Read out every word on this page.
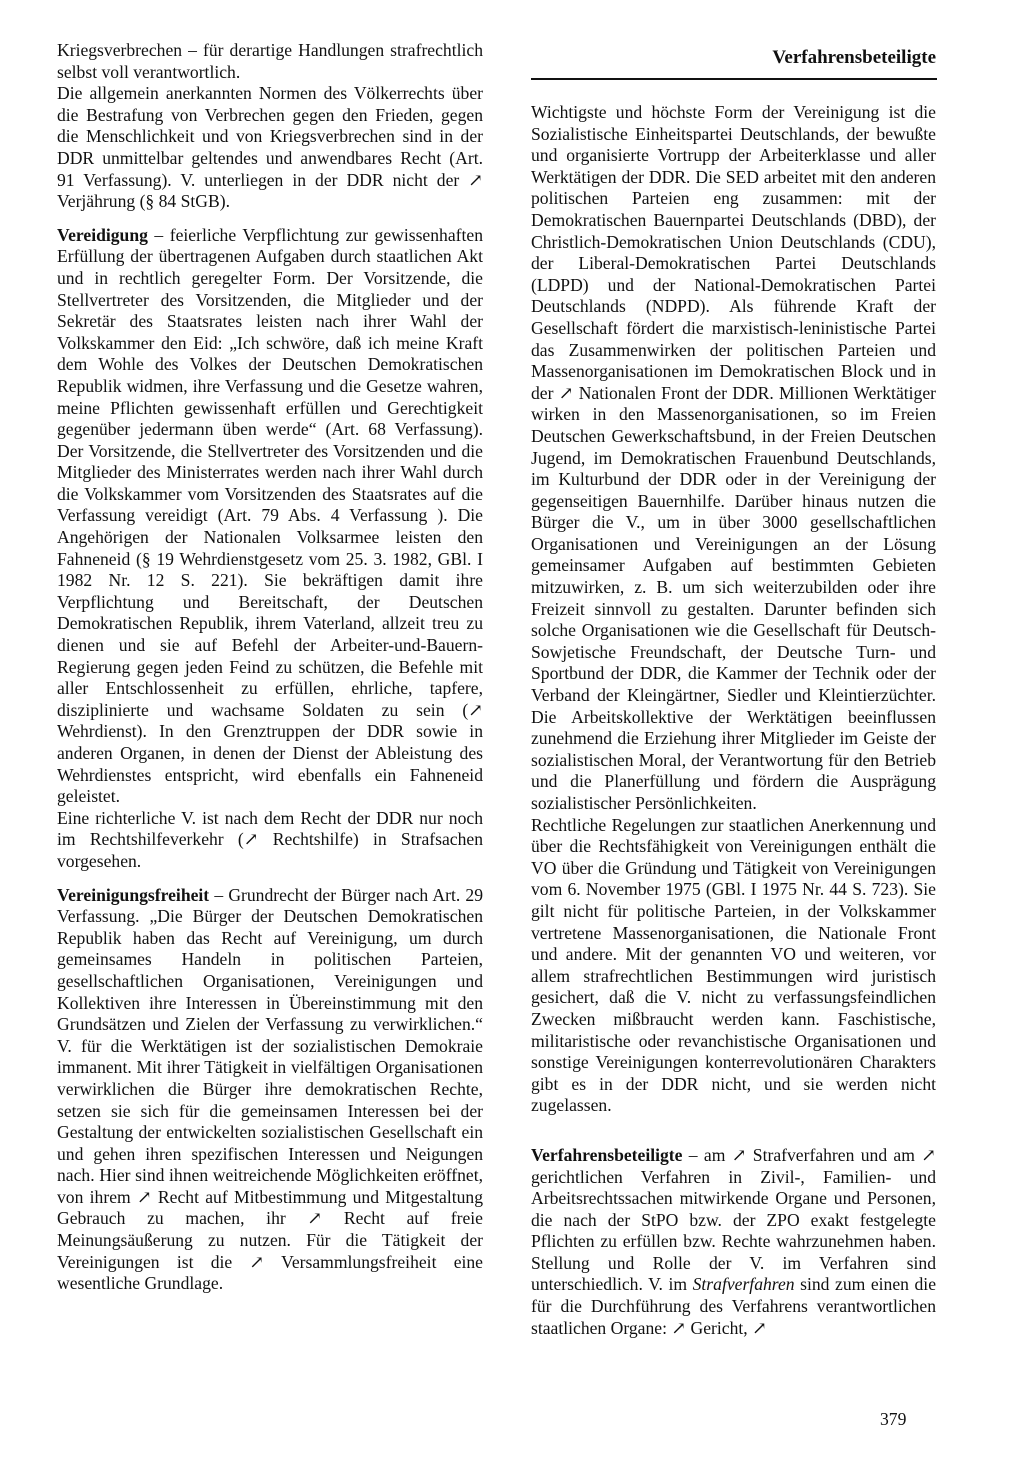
Verfahrensbeteiligte

Kriegsverbrechen – für derartige Handlungen strafrechtlich selbst voll verantwortlich.

Die allgemein anerkannten Normen des Völkerrechts über die Bestrafung von Verbrechen gegen den Frieden, gegen die Menschlichkeit und von Kriegsverbrechen sind in der DDR unmittelbar geltendes und anwendbares Recht (Art. 91 Verfassung). V. unterliegen in der DDR nicht der ↗ Verjährung (§ 84 StGB).

Vereidigung – feierliche Verpflichtung zur gewissenhaften Erfüllung der übertragenen Aufgaben durch staatlichen Akt und in rechtlich geregelter Form. Der Vorsitzende, die Stellvertreter des Vorsitzenden, die Mitglieder und der Sekretär des Staatsrates leisten nach ihrer Wahl der Volkskammer den Eid: „Ich schwöre, daß ich meine Kraft dem Wohle des Volkes der Deutschen Demokratischen Republik widmen, ihre Verfassung und die Gesetze wahren, meine Pflichten gewissenhaft erfüllen und Gerechtigkeit gegenüber jedermann üben werde“ (Art. 68 Verfassung). Der Vorsitzende, die Stellvertreter des Vorsitzenden und die Mitglieder des Ministerrates werden nach ihrer Wahl durch die Volkskammer vom Vorsitzenden des Staatsrates auf die Verfassung vereidigt (Art. 79 Abs. 4 Verfassung ). Die Angehörigen der Nationalen Volksarmee leisten den Fahneneid (§ 19 Wehrdienstgesetz vom 25. 3. 1982, GBl. I 1982 Nr. 12 S. 221). Sie bekräftigen damit ihre Verpflichtung und Bereitschaft, der Deutschen Demokratischen Republik, ihrem Vaterland, allzeit treu zu dienen und sie auf Befehl der Arbeiter-und-Bauern-Regierung gegen jeden Feind zu schützen, die Befehle mit aller Entschlossenheit zu erfüllen, ehrliche, tapfere, disziplinierte und wachsame Soldaten zu sein (↗ Wehrdienst). In den Grenztruppen der DDR sowie in anderen Organen, in denen der Dienst der Ableistung des Wehrdienstes entspricht, wird ebenfalls ein Fahneneid geleistet.

Eine richterliche V. ist nach dem Recht der DDR nur noch im Rechtshilfeverkehr (↗ Rechtshilfe) in Strafsachen vorgesehen.

Vereinigungsfreiheit – Grundrecht der Bürger nach Art. 29 Verfassung. „Die Bürger der Deutschen Demokratischen Republik haben das Recht auf Vereinigung, um durch gemeinsames Handeln in politischen Parteien, gesellschaftlichen Organisationen, Vereinigungen und Kollektiven ihre Interessen in Übereinstimmung mit den Grundsätzen und Zielen der Verfassung zu verwirklichen.“ V. für die Werktätigen ist der sozialistischen Demokraie immanent. Mit ihrer Tätigkeit in vielfältigen Organisationen verwirklichen die Bürger ihre demokratischen Rechte, setzen sie sich für die gemeinsamen Interessen bei der Gestaltung der entwickelten sozialistischen Gesellschaft ein und gehen ihren spezifischen Interessen und Neigungen nach. Hier sind ihnen weitreichende Möglichkeiten eröffnet, von ihrem ↗ Recht auf Mitbestimmung und Mitgestaltung Gebrauch zu machen, ihr ↗ Recht auf freie Meinungsäußerung zu nutzen. Für die Tätigkeit der Vereinigungen ist die ↗ Versammlungsfreiheit eine wesentliche Grundlage.

Wichtigste und höchste Form der Vereinigung ist die Sozialistische Einheitspartei Deutschlands, der bewußte und organisierte Vortrupp der Arbeiterklasse und aller Werktätigen der DDR. Die SED arbeitet mit den anderen politischen Parteien eng zusammen: mit der Demokratischen Bauernpartei Deutschlands (DBD), der Christlich-Demokratischen Union Deutschlands (CDU), der Liberal-Demokratischen Partei Deutschlands (LDPD) und der National-Demokratischen Partei Deutschlands (NDPD). Als führende Kraft der Gesellschaft fördert die marxistisch-leninistische Partei das Zusammenwirken der politischen Parteien und Massenorganisationen im Demokratischen Block und in der ↗ Nationalen Front der DDR. Millionen Werktätiger wirken in den Massenorganisationen, so im Freien Deutschen Gewerkschaftsbund, in der Freien Deutschen Jugend, im Demokratischen Frauenbund Deutschlands, im Kulturbund der DDR oder in der Vereinigung der gegenseitigen Bauernhilfe. Darüber hinaus nutzen die Bürger die V., um in über 3000 gesellschaftlichen Organisationen und Vereinigungen an der Lösung gemeinsamer Aufgaben auf bestimmten Gebieten mitzuwirken, z. B. um sich weiterzubilden oder ihre Freizeit sinnvoll zu gestalten. Darunter befinden sich solche Organisationen wie die Gesellschaft für Deutsch-Sowjetische Freundschaft, der Deutsche Turn- und Sportbund der DDR, die Kammer der Technik oder der Verband der Kleingärtner, Siedler und Kleintierzüchter. Die Arbeitskollektive der Werktätigen beeinflussen zunehmend die Erziehung ihrer Mitglieder im Geiste der sozialistischen Moral, der Verantwortung für den Betrieb und die Planerfüllung und fördern die Ausprägung sozialistischer Persönlichkeiten.

Rechtliche Regelungen zur staatlichen Anerkennung und über die Rechtsfähigkeit von Vereinigungen enthält die VO über die Gründung und Tätigkeit von Vereinigungen vom 6. November 1975 (GBl. I 1975 Nr. 44 S. 723). Sie gilt nicht für politische Parteien, in der Volkskammer vertretene Massenorganisationen, die Nationale Front und andere. Mit der genannten VO und weiteren, vor allem strafrechtlichen Bestimmungen wird juristisch gesichert, daß die V. nicht zu verfassungsfeindlichen Zwecken mißbraucht werden kann. Faschistische, militaristische oder revanchistische Organisationen und sonstige Vereinigungen konterrevolutionären Charakters gibt es in der DDR nicht, und sie werden nicht zugelassen.

Verfahrensbeteiligte – am ↗ Strafverfahren und am ↗ gerichtlichen Verfahren in Zivil-, Familien- und Arbeitsrechtssachen mitwirkende Organe und Personen, die nach der StPO bzw. der ZPO exakt festgelegte Pflichten zu erfüllen bzw. Rechte wahrzunehmen haben. Stellung und Rolle der V. im Verfahren sind unterschiedlich. V. im Strafverfahren sind zum einen die für die Durchführung des Verfahrens verantwortlichen staatlichen Organe: ↗ Gericht, ↗

379
